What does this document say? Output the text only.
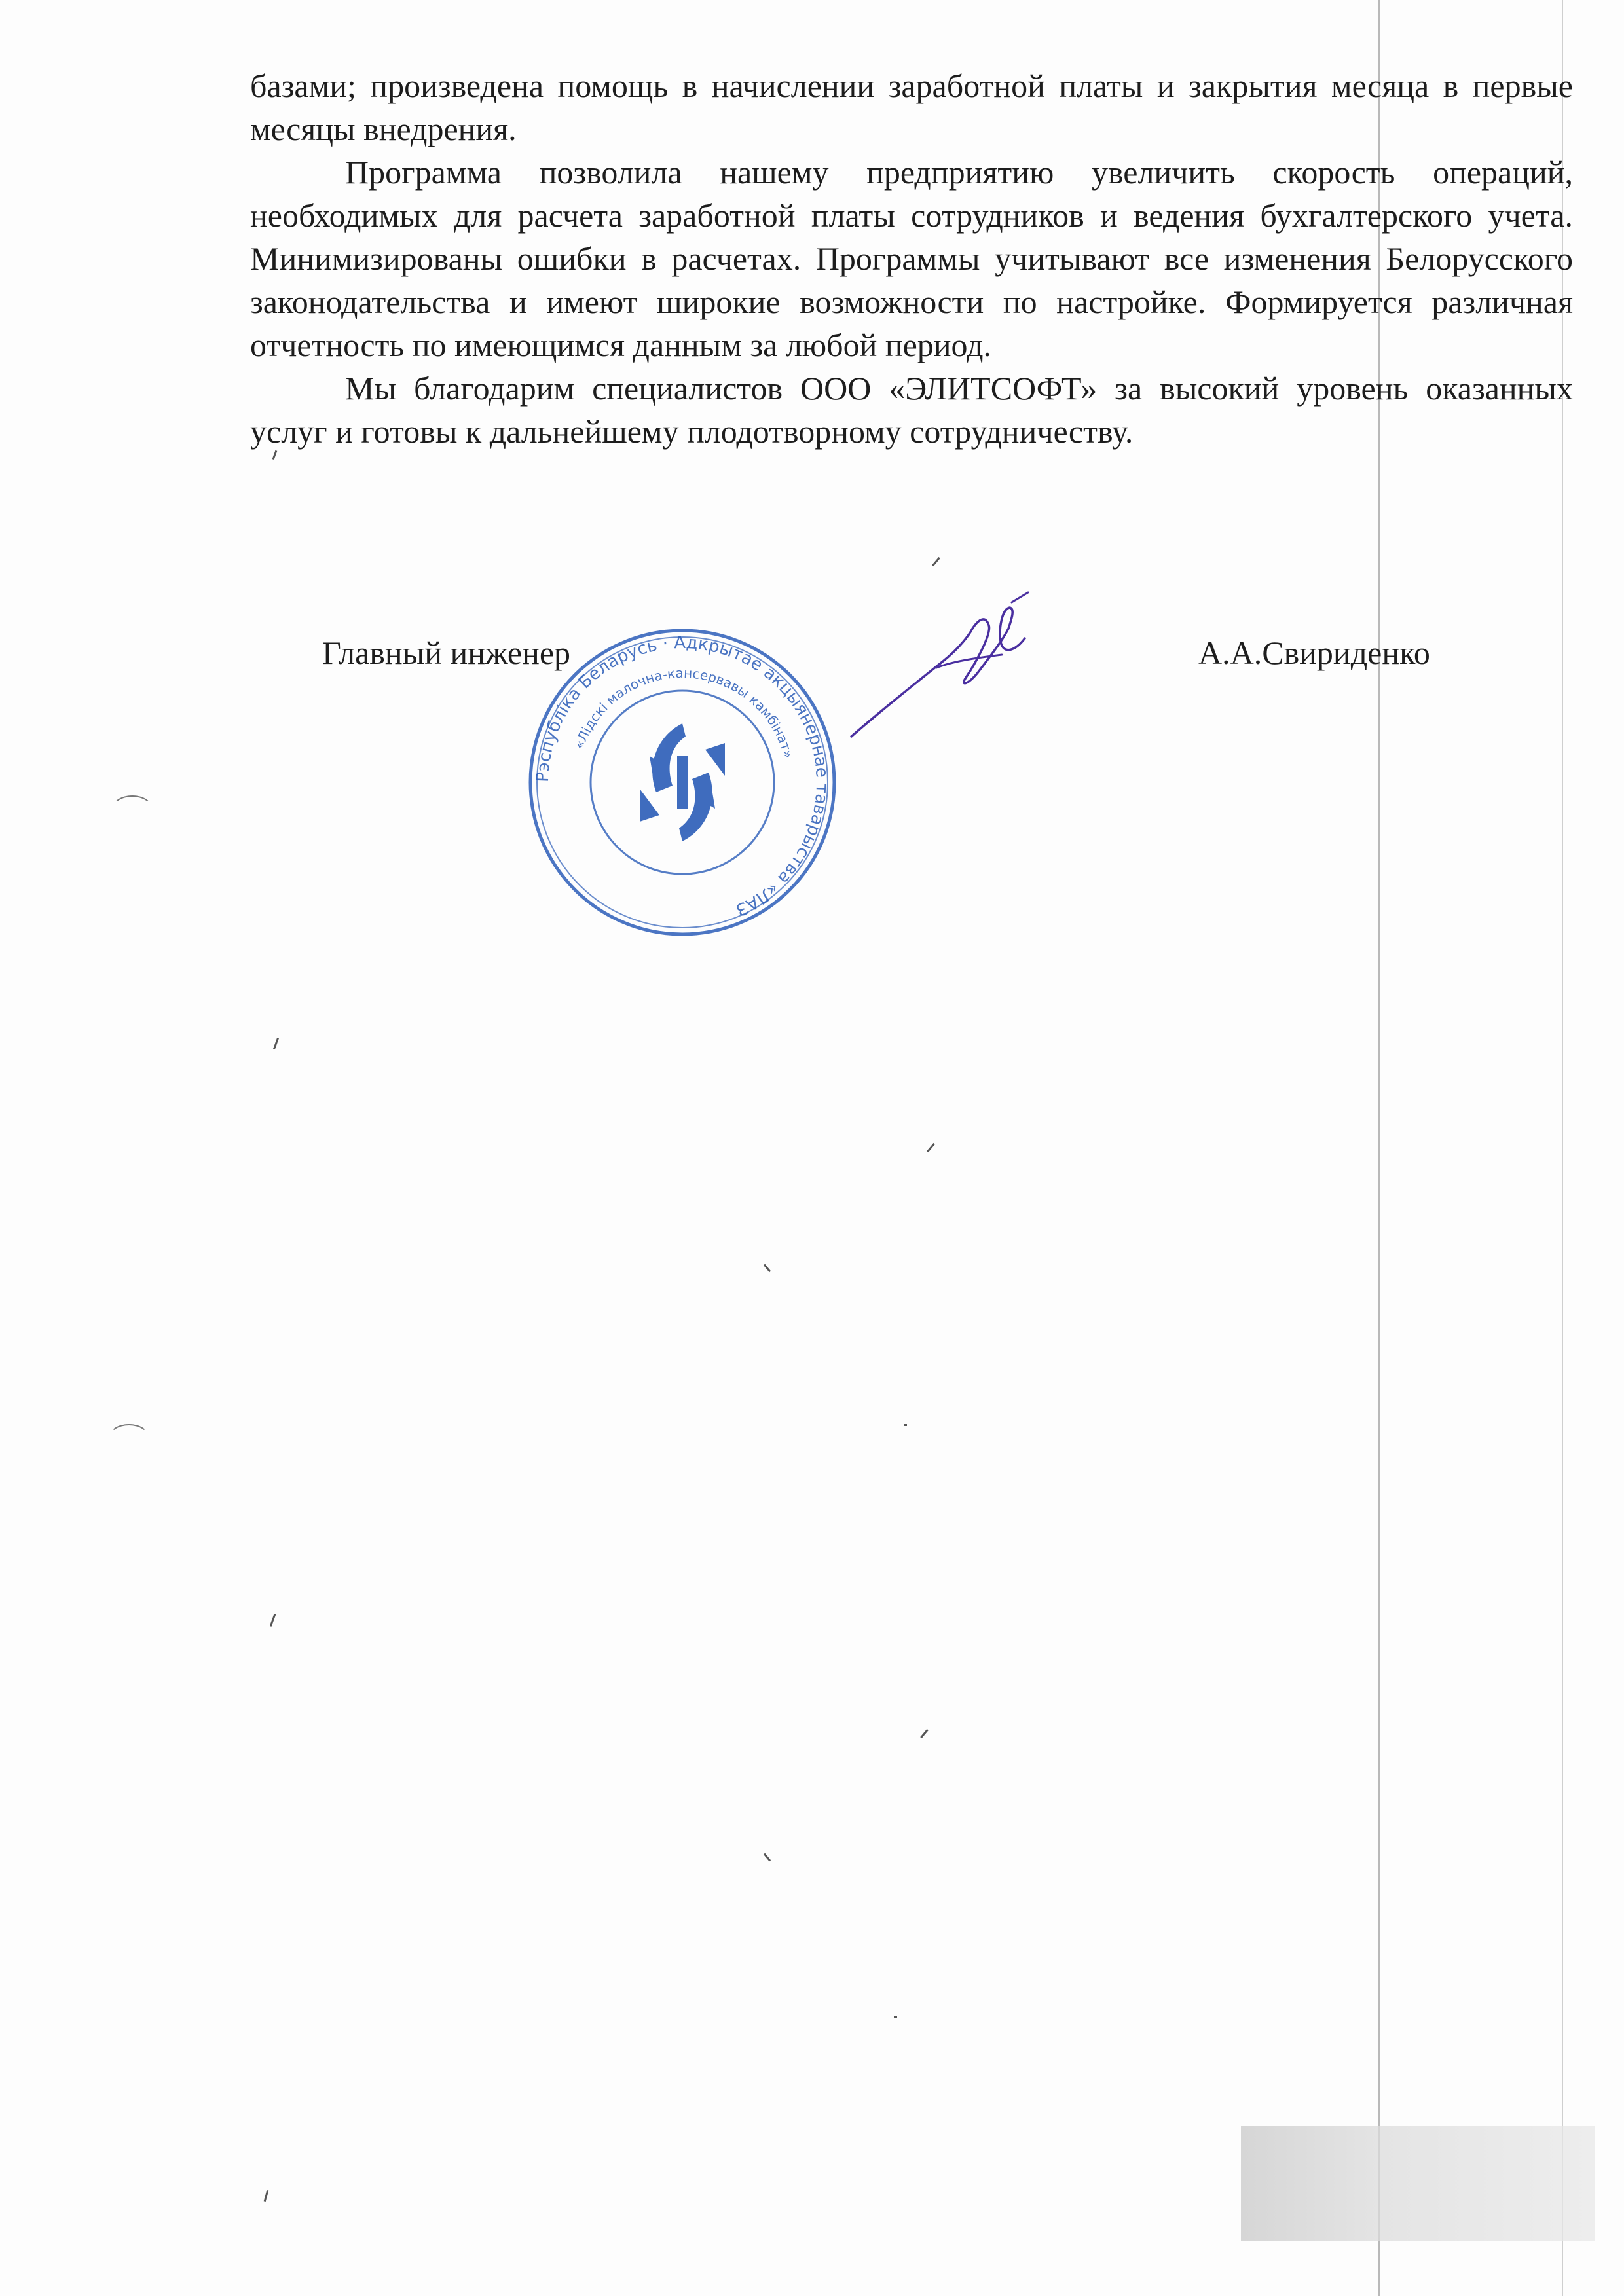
базами; произведена помощь в начислении заработной платы и закрытия месяца в первые месяцы внедрения.

Программа позволила нашему предприятию увеличить скорость операций, необходимых для расчета заработной платы сотрудников и ведения бухгалтерского учета. Минимизированы ошибки в расчетах. Программы учитывают все изменения Белорусского законодательства и имеют широкие возможности по настройке. Формируется различная отчетность по имеющимся данным за любой период.

Мы благодарим специалистов ООО «ЭЛИТСОФТ» за высокий уровень оказанных услуг и готовы к дальнейшему плодотворному сотрудничеству.

Главный инженер	А.А.Свириденко
Рэспубліка Беларусь · Адкрытае акцыянернае таварыства «ЛАЗ
«Лідскі малочна-кансервавы камбінат»
